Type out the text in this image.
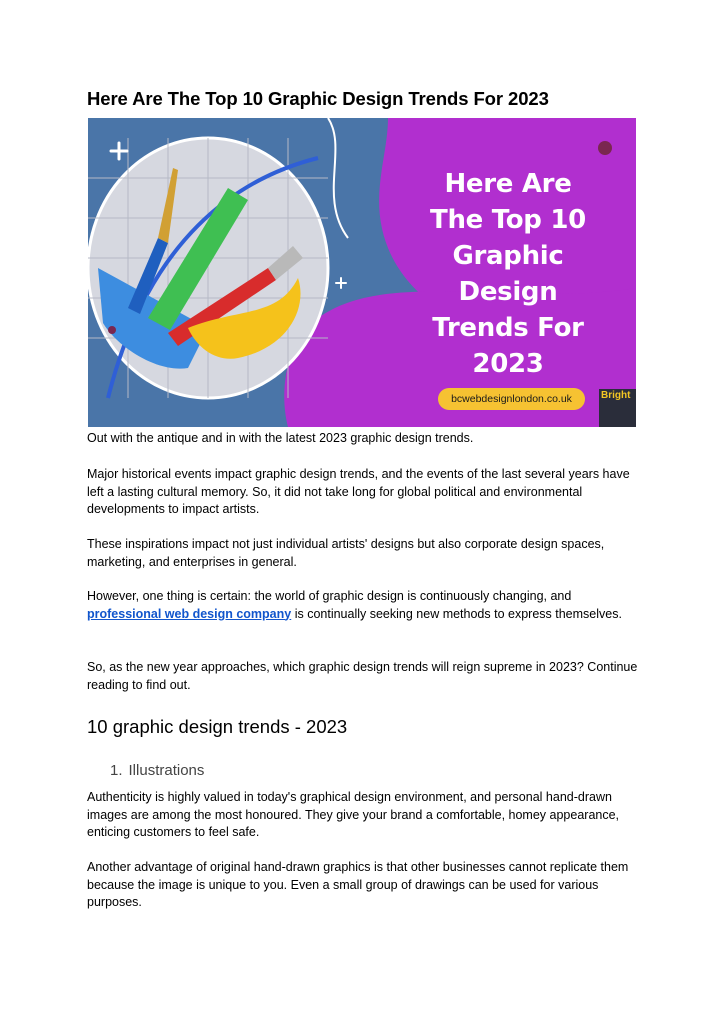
Here Are The Top 10 Graphic Design Trends For 2023
Here Are
The Top 10
Graphic
Design
Trends For
2023
bcwebdesignlondon.co.uk	Bright

Out with the antique and in with the latest 2023 graphic design trends.

Major historical events impact graphic design trends, and the events of the last several years have left a lasting cultural memory. So, it did not take long for global political and environmental developments to impact artists.

These inspirations impact not just individual artists' designs but also corporate design spaces, marketing, and enterprises in general.

However, one thing is certain: the world of graphic design is continuously changing, and professional web design company is continually seeking new methods to express themselves.

So, as the new year approaches, which graphic design trends will reign supreme in 2023? Continue reading to find out.

10 graphic design trends - 2023

1. Illustrations

Authenticity is highly valued in today's graphical design environment, and personal hand-drawn images are among the most honoured. They give your brand a comfortable, homey appearance, enticing customers to feel safe.

Another advantage of original hand-drawn graphics is that other businesses cannot replicate them because the image is unique to you. Even a small group of drawings can be used for various purposes.
